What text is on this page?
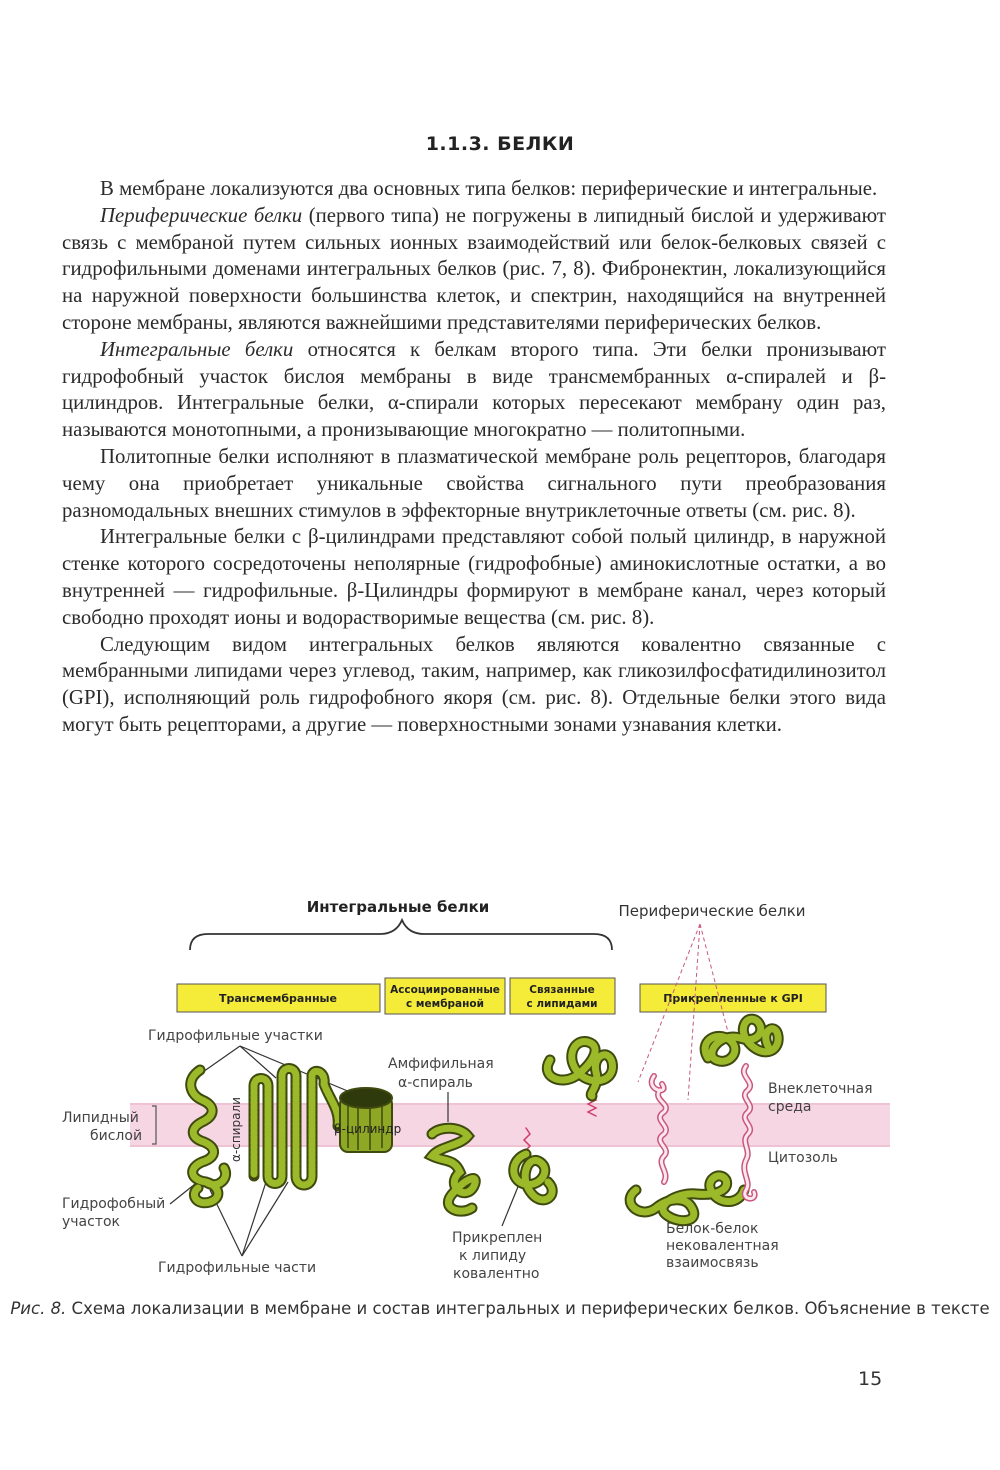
1.1.3. БЕЛКИ

В мембране локализуются два основных типа белков: периферические и интегральные.

Периферические белки (первого типа) не погружены в липидный бислой и удерживают связь с мембраной путем сильных ионных взаимодействий или белок-белковых связей с гидрофильными доменами интегральных белков (рис. 7, 8). Фибронектин, локализующийся на наружной поверхности большинства клеток, и спектрин, находящийся на внутренней стороне мембраны, являются важнейшими представителями периферических белков.

Интегральные белки относятся к белкам второго типа. Эти белки пронизывают гидрофобный участок бислоя мембраны в виде трансмембранных α-спиралей и β-цилиндров. Интегральные белки, α-спирали которых пересекают мембрану один раз, называются монотопными, а пронизывающие многократно — политопными.

Политопные белки исполняют в плазматической мембране роль рецепторов, благодаря чему она приобретает уникальные свойства сигнального пути преобразования разномодальных внешних стимулов в эффекторные внутриклеточные ответы (см. рис. 8).

Интегральные белки с β-цилиндрами представляют собой полый цилиндр, в наружной стенке которого сосредоточены неполярные (гидрофобные) аминокислотные остатки, а во внутренней — гидрофильные. β-Цилиндры формируют в мембране канал, через который свободно проходят ионы и водорастворимые вещества (см. рис. 8).

Следующим видом интегральных белков являются ковалентно связанные с мембранными липидами через углевод, таким, например, как гликозилфосфатидилинозитол (GPI), исполняющий роль гидрофобного якоря (см. рис. 8). Отдельные белки этого вида могут быть рецепторами, а другие — поверхностными зонами узнавания клетки.

Интегральные белки	Периферические белки
Трансмембранные
Ассоциированные
с мембраной
Связанные
с липидами	Прикрепленные к GPI
Липидный
бислой
Гидрофильные участки
Амфифильная
α-спираль	Внеклеточная
среда
Цитозоль
Гидрофобный
участок
Гидрофильные части
Прикреплен
к липиду
ковалентно
Белок-белок
нековалентная
взаимосвязь
α-спирали	β-цилиндр
Рис. 8. Схема локализации в мембране и состав интегральных и периферических белков. Объяснение в тексте
15
